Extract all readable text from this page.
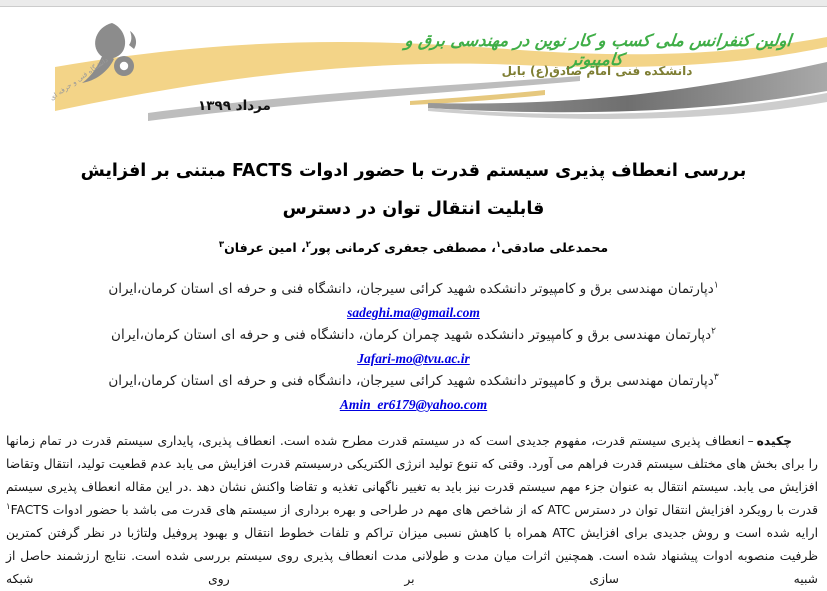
دانشگاه فنی و حرفه ای
اولین کنفرانس ملی کسب و کار نوین در مهندسی برق و کامپیوتر
دانشکده فنی امام صادق(ع) بابل
مرداد ۱۳۹۹
بررسی انعطاف پذیری سیستم قدرت با حضور ادوات FACTS مبتنی بر افزایش
قابلیت انتقال توان در دسترس
محمدعلی صادقی$^۱$، مصطفی جعفری کرمانی پور$^۲$، امین عرفان$^۳$
$^۱$دپارتمان مهندسی برق و کامپیوتر دانشکده شهید کرائی سیرجان، دانشگاه فنی و حرفه ای استان کرمان،ایران
sadeghi.ma@gmail.com
$^۲$دپارتمان مهندسی برق و کامپیوتر دانشکده شهید چمران کرمان، دانشگاه فنی و حرفه ای استان کرمان،ایران
Jafari-mo@tvu.ac.ir
$^۳$دپارتمان مهندسی برق و کامپیوتر دانشکده شهید کرائی سیرجان، دانشگاه فنی و حرفه ای استان کرمان،ایران
Amin_er6179@yahoo.com

چکیده–انعطاف پذیری سیستم قدرت، مفهوم جدیدی است که در سیستم قدرت مطرح شده است. انعطاف پذیری، پایداری سیستم قدرت در تمام زمانها را برای بخش های مختلف سیستم قدرت فراهم می آورد. وقتی که تنوع تولید انرژی الکتریکی درسیستم قدرت افزایش می یابد عدم قطعیت تولید، انتقال وتقاضا افزایش می یابد. سیستم انتقال به عنوان جزء مهم سیستم قدرت نیز باید به تغییر ناگهانی تغذیه و تقاضا واکنش نشان دهد .در این مقاله انعطاف پذیری سیستم قدرت با رویکرد افزایش انتقال توان در دسترس ATC که از شاخص های مهم در طراحی و بهره برداری از سیستم های قدرت می باشد با حضور ادوات $^۱$FACTS ارایه شده است و روش جدیدی برای افزایش ATC همراه با کاهش نسبی میزان تراکم و تلفات خطوط انتقال و بهبود پروفیل ولتاژبا در نظر گرفتن کمترین ظرفیت منصوبه ادوات پیشنهاد شده است. همچنین اثرات میان مدت و طولانی مدت انعطاف پذیری روی سیستم بررسی شده است. نتایج ارزشمند حاصل از شبیه سازی بر روی شبکه
